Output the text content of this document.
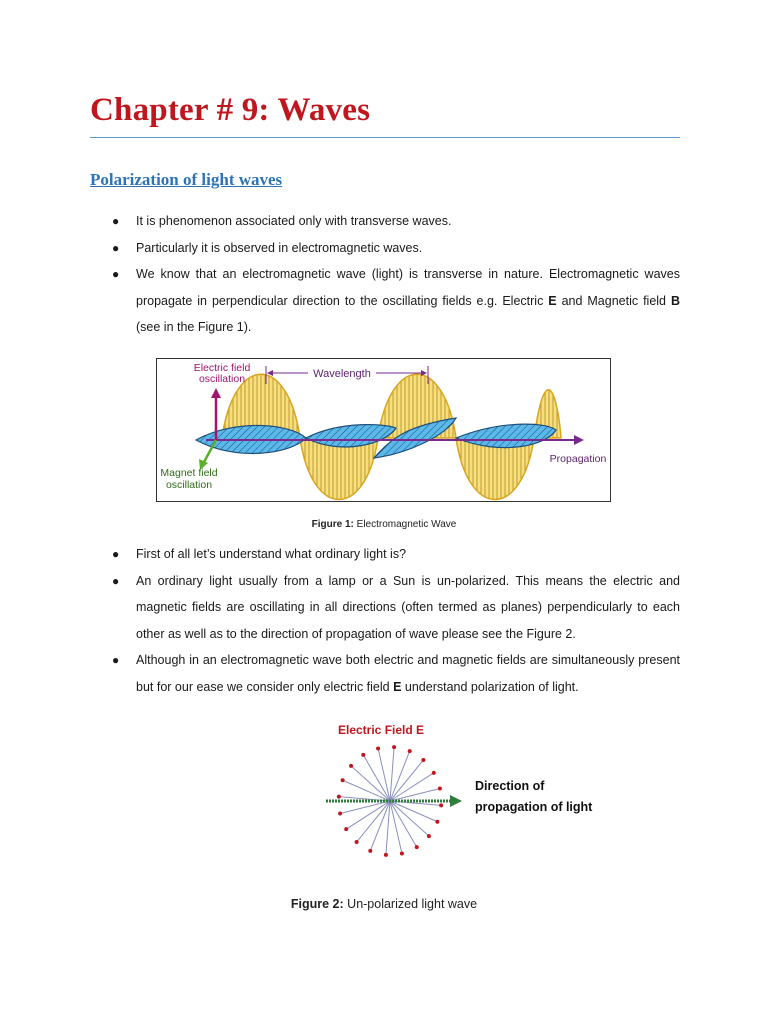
Chapter # 9: Waves
Polarization of light waves
● It is phenomenon associated only with transverse waves.
● Particularly it is observed in electromagnetic waves.
● We know that an electromagnetic wave (light) is transverse in nature. Electromagnetic waves propagate in perpendicular direction to the oscillating fields e.g. Electric E and Magnetic field B (see in the Figure 1).
Wavelength
Electric field
oscillation
Magnet field
oscillation
Propagation
Figure 1: Electromagnetic Wave
● First of all let’s understand what ordinary light is?
● An ordinary light usually from a lamp or a Sun is un-polarized. This means the electric and magnetic fields are oscillating in all directions (often termed as planes) perpendicularly to each other as well as to the direction of propagation of wave please see the Figure 2.
● Although in an electromagnetic wave both electric and magnetic fields are simultaneously present but for our ease we consider only electric field E understand polarization of light.
Electric Field E
Direction of
propagation of light
Figure 2: Un-polarized light wave
